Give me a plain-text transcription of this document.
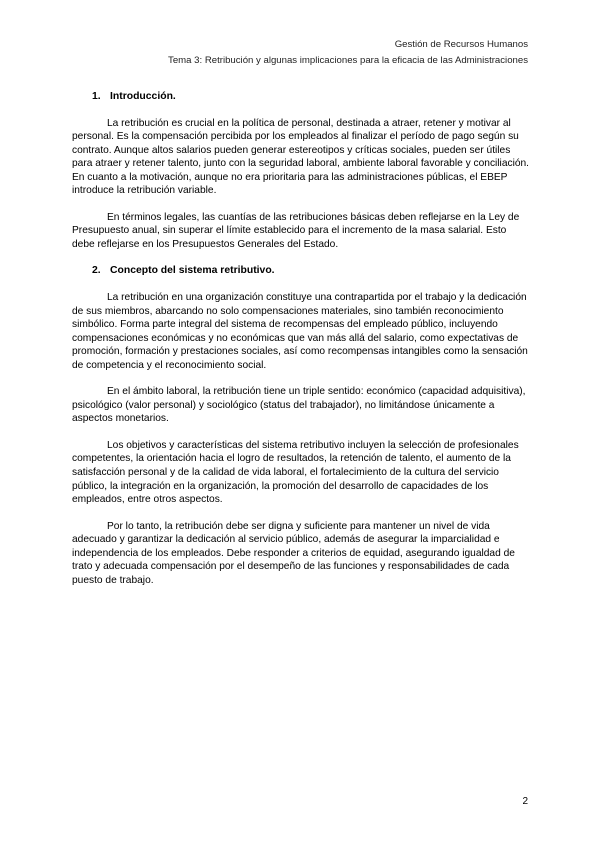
Gestión de Recursos Humanos
Tema 3: Retribución y algunas implicaciones para la eficacia de las Administraciones
1. Introducción.

La retribución es crucial en la política de personal, destinada a atraer, retener y motivar al personal. Es la compensación percibida por los empleados al finalizar el período de pago según su contrato. Aunque altos salarios pueden generar estereotipos y críticas sociales, pueden ser útiles para atraer y retener talento, junto con la seguridad laboral, ambiente laboral favorable y conciliación. En cuanto a la motivación, aunque no era prioritaria para las administraciones públicas, el EBEP introduce la retribución variable.

En términos legales, las cuantías de las retribuciones básicas deben reflejarse en la Ley de Presupuesto anual, sin superar el límite establecido para el incremento de la masa salarial. Esto debe reflejarse en los Presupuestos Generales del Estado.

2. Concepto del sistema retributivo.

La retribución en una organización constituye una contrapartida por el trabajo y la dedicación de sus miembros, abarcando no solo compensaciones materiales, sino también reconocimiento simbólico. Forma parte integral del sistema de recompensas del empleado público, incluyendo compensaciones económicas y no económicas que van más allá del salario, como expectativas de promoción, formación y prestaciones sociales, así como recompensas intangibles como la sensación de competencia y el reconocimiento social.

En el ámbito laboral, la retribución tiene un triple sentido: económico (capacidad adquisitiva), psicológico (valor personal) y sociológico (status del trabajador), no limitándose únicamente a aspectos monetarios.

Los objetivos y características del sistema retributivo incluyen la selección de profesionales competentes, la orientación hacia el logro de resultados, la retención de talento, el aumento de la satisfacción personal y de la calidad de vida laboral, el fortalecimiento de la cultura del servicio público, la integración en la organización, la promoción del desarrollo de capacidades de los empleados, entre otros aspectos.

Por lo tanto, la retribución debe ser digna y suficiente para mantener un nivel de vida adecuado y garantizar la dedicación al servicio público, además de asegurar la imparcialidad e independencia de los empleados. Debe responder a criterios de equidad, asegurando igualdad de trato y adecuada compensación por el desempeño de las funciones y responsabilidades de cada puesto de trabajo.

2
